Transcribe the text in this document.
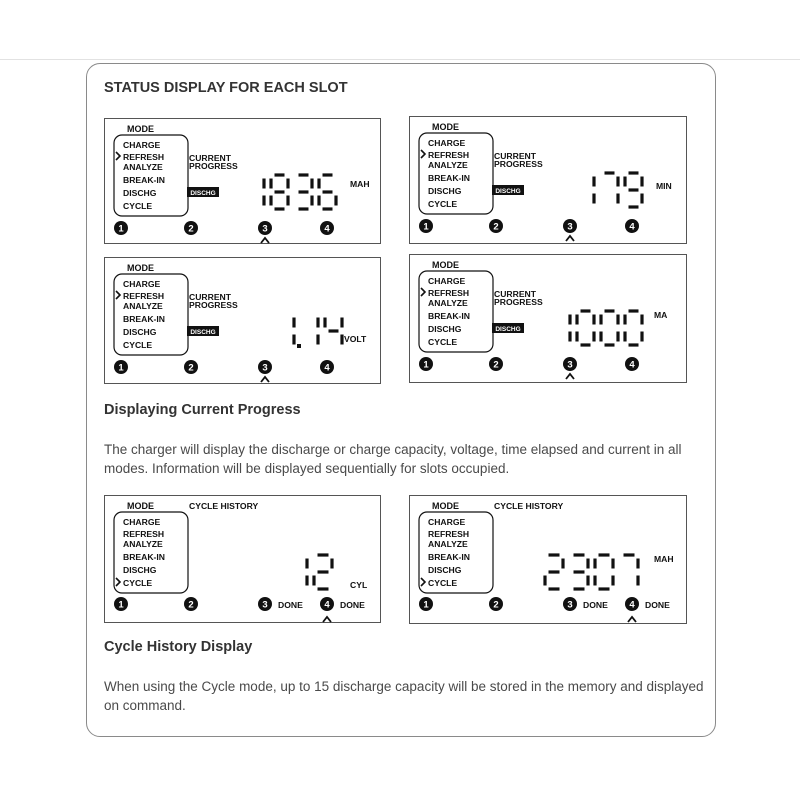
STATUS DISPLAY FOR EACH SLOT
MODE
CHARGE
REFRESH
ANALYZE
BREAK-IN
DISCHG
CYCLE
1	2	3	4
CURRENT
PROGRESS
DISCHG
1836
MAH
MODE
CHARGE
REFRESH
ANALYZE
BREAK-IN
DISCHG
CYCLE
1	2	3	4
CURRENT
PROGRESS
DISCHG
179
MIN
MODE
CHARGE
REFRESH
ANALYZE
BREAK-IN
DISCHG
CYCLE
1	2	3	4
CURRENT
PROGRESS
DISCHG
1.14
VOLT
MODE
CHARGE
REFRESH
ANALYZE
BREAK-IN
DISCHG
CYCLE
1	2	3	4
CURRENT
PROGRESS
DISCHG
1000
MA
Displaying Current Progress

The charger will display the discharge or charge capacity, voltage, time elapsed and current in all modes. Information will be displayed sequentially for slots occupied.

MODE
CHARGE
REFRESH
ANALYZE
BREAK-IN
DISCHG
CYCLE
1	2	3	4
CYCLE HISTORY
DONE	DONE
12 CYL
MODE
CHARGE
REFRESH
ANALYZE
BREAK-IN
DISCHG
CYCLE
1	2	3	4
CYCLE HISTORY
DONE	DONE
2307
MAH
Cycle History Display

When using the Cycle mode, up to 15 discharge capacity will be stored in the memory and displayed on command.
